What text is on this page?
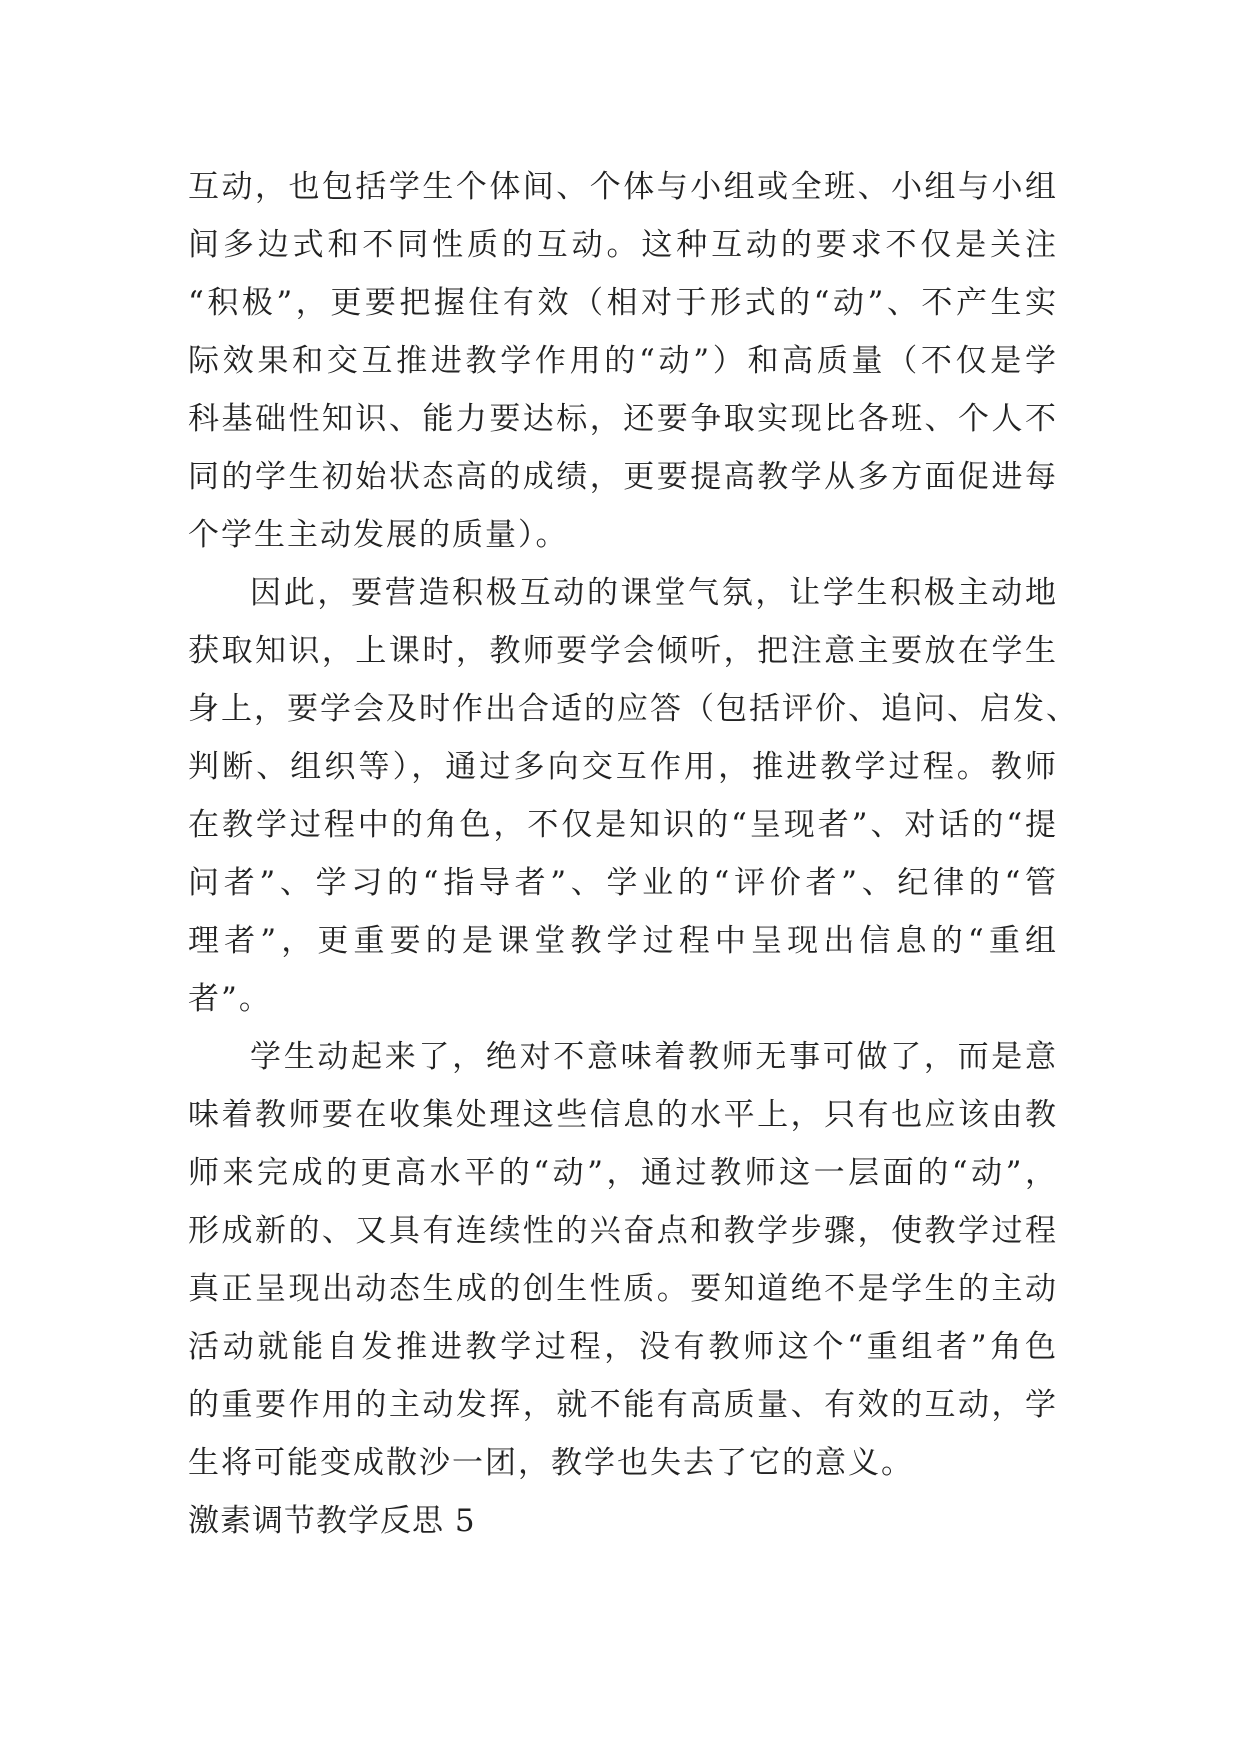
互动，也包括学生个体间、个体与小组或全班、小组与小组
间多边式和不同性质的互动。这种互动的要求不仅是关注
“积极”，更要把握住有效（相对于形式的“动”、不产生实
际效果和交互推进教学作用的“动”）和高质量（不仅是学
科基础性知识、能力要达标，还要争取实现比各班、个人不
同的学生初始状态高的成绩，更要提高教学从多方面促进每
个学生主动发展的质量）。
因此，要营造积极互动的课堂气氛，让学生积极主动地
获取知识，上课时，教师要学会倾听，把注意主要放在学生
身上，要学会及时作出合适的应答（包括评价、追问、启发、
判断、组织等），通过多向交互作用，推进教学过程。教师
在教学过程中的角色，不仅是知识的“呈现者”、对话的“提
问者”、学习的“指导者”、学业的“评价者”、纪律的“管
理者”，更重要的是课堂教学过程中呈现出信息的“重组
者”。
学生动起来了，绝对不意味着教师无事可做了，而是意
味着教师要在收集处理这些信息的水平上，只有也应该由教
师来完成的更高水平的“动”，通过教师这一层面的“动”，
形成新的、又具有连续性的兴奋点和教学步骤，使教学过程
真正呈现出动态生成的创生性质。要知道绝不是学生的主动
活动就能自发推进教学过程，没有教师这个“重组者”角色
的重要作用的主动发挥，就不能有高质量、有效的互动，学
生将可能变成散沙一团，教学也失去了它的意义。
激素调节教学反思 5
